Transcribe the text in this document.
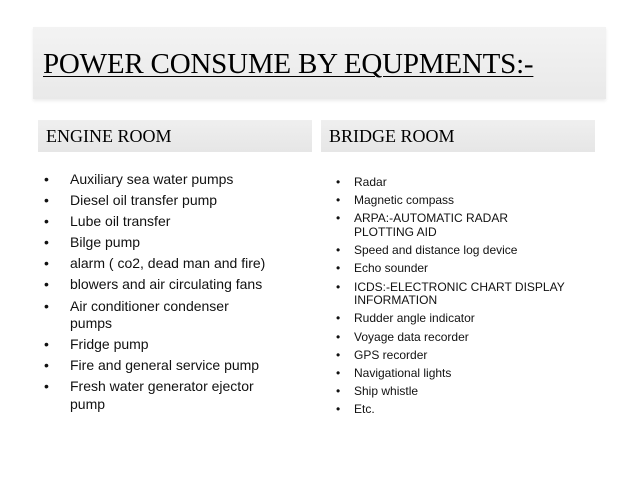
POWER CONSUME BY EQUPMENTS:-
ENGINE ROOM	BRIDGE ROOM
• Auxiliary sea water pumps
• Diesel oil transfer pump
• Lube oil transfer
• Bilge pump
• alarm ( co2, dead man and fire)
• blowers and air circulating fans
• Air conditioner condenser
pumps
• Fridge pump
• Fire and general service pump
• Fresh water generator ejector
pump
• Radar
• Magnetic compass
• ARPA:-AUTOMATIC RADAR
PLOTTING AID
• Speed and distance log device
• Echo sounder
• ICDS:-ELECTRONIC CHART DISPLAY
INFORMATION
• Rudder angle indicator
• Voyage data recorder
• GPS recorder
• Navigational lights
• Ship whistle
• Etc.
